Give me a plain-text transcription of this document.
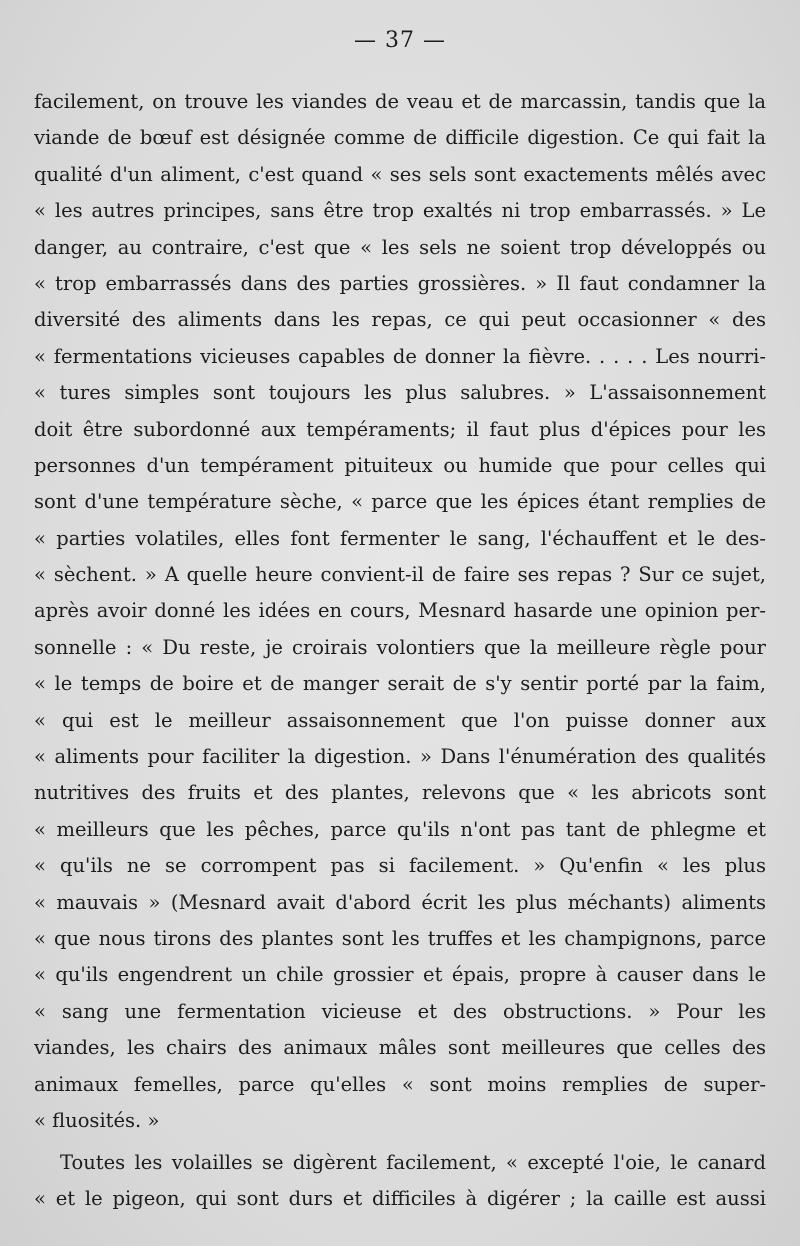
— 37 —
facilement, on trouve les viandes de veau et de marcassin, tandis que la
viande de bœuf est désignée comme de difficile digestion. Ce qui fait la
qualité d'un aliment, c'est quand « ses sels sont exactements mêlés avec
« les autres principes, sans être trop exaltés ni trop embarrassés. » Le
danger, au contraire, c'est que « les sels ne soient trop développés ou
« trop embarrassés dans des parties grossières. » Il faut condamner la
diversité des aliments dans les repas, ce qui peut occasionner « des
« fermentations vicieuses capables de donner la fièvre. . . . . Les nourri-
« tures simples sont toujours les plus salubres. » L'assaisonnement
doit être subordonné aux tempéraments; il faut plus d'épices pour les
personnes d'un tempérament pituiteux ou humide que pour celles qui
sont d'une température sèche, « parce que les épices étant remplies de
« parties volatiles, elles font fermenter le sang, l'échauffent et le des-
« sèchent. » A quelle heure convient-il de faire ses repas ? Sur ce sujet,
après avoir donné les idées en cours, Mesnard hasarde une opinion per-
sonnelle : « Du reste, je croirais volontiers que la meilleure règle pour
« le temps de boire et de manger serait de s'y sentir porté par la faim,
« qui est le meilleur assaisonnement que l'on puisse donner aux
« aliments pour faciliter la digestion. » Dans l'énumération des qualités
nutritives des fruits et des plantes, relevons que « les abricots sont
« meilleurs que les pêches, parce qu'ils n'ont pas tant de phlegme et
« qu'ils ne se corrompent pas si facilement. » Qu'enfin « les plus
« mauvais » (Mesnard avait d'abord écrit les plus méchants) aliments
« que nous tirons des plantes sont les truffes et les champignons, parce
« qu'ils engendrent un chile grossier et épais, propre à causer dans le
« sang une fermentation vicieuse et des obstructions. » Pour les
viandes, les chairs des animaux mâles sont meilleures que celles des
animaux femelles, parce qu'elles « sont moins remplies de super-
« fluosités. »
Toutes les volailles se digèrent facilement, « excepté l'oie, le canard
« et le pigeon, qui sont durs et difficiles à digérer ; la caille est aussi
